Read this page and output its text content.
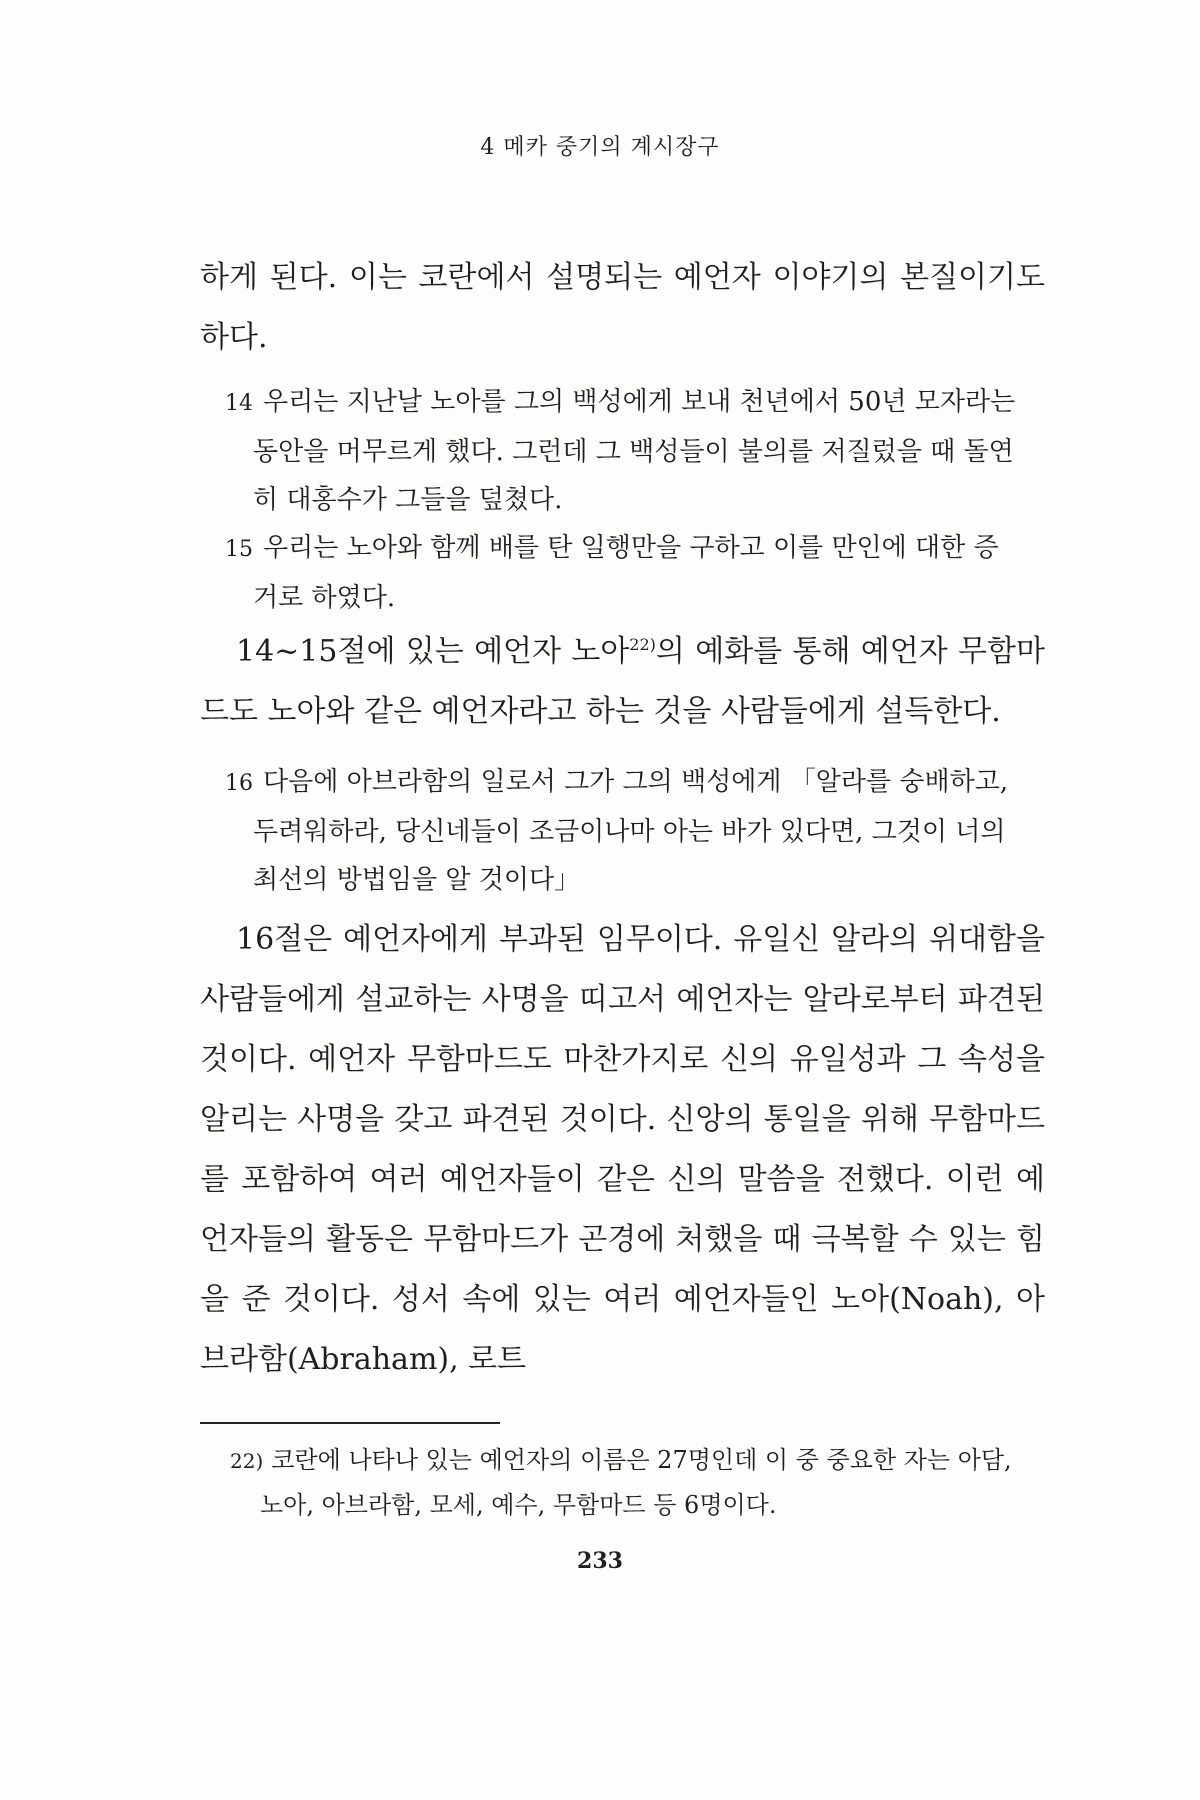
4 메카 중기의 계시장구

하게 된다. 이는 코란에서 설명되는 예언자 이야기의 본질이기도 하다.

14 우리는 지난날 노아를 그의 백성에게 보내 천년에서 50년 모자라는
동안을 머무르게 했다. 그런데 그 백성들이 불의를 저질렀을 때 돌연
히 대홍수가 그들을 덮쳤다.
15 우리는 노아와 함께 배를 탄 일행만을 구하고 이를 만인에 대한 증
거로 하였다.

14~15절에 있는 예언자 노아$^{22)}$의 예화를 통해 예언자 무함마드도 노아와 같은 예언자라고 하는 것을 사람들에게 설득한다.

16 다음에 아브라함의 일로서 그가 그의 백성에게 「알라를 숭배하고,
두려워하라, 당신네들이 조금이나마 아는 바가 있다면, 그것이 너의
최선의 방법임을 알 것이다」

16절은 예언자에게 부과된 임무이다. 유일신 알라의 위대함을 사람들에게 설교하는 사명을 띠고서 예언자는 알라로부터 파견된 것이다. 예언자 무함마드도 마찬가지로 신의 유일성과 그 속성을 알리는 사명을 갖고 파견된 것이다. 신앙의 통일을 위해 무함마드를 포함하여 여러 예언자들이 같은 신의 말씀을 전했다. 이런 예언자들의 활동은 무함마드가 곤경에 처했을 때 극복할 수 있는 힘을 준 것이다. 성서 속에 있는 여러 예언자들인 노아(Noah), 아브라함(Abraham), 로트

22) 코란에 나타나 있는 예언자의 이름은 27명인데 이 중 중요한 자는 아담,
노아, 아브라함, 모세, 예수, 무함마드 등 6명이다.

233
